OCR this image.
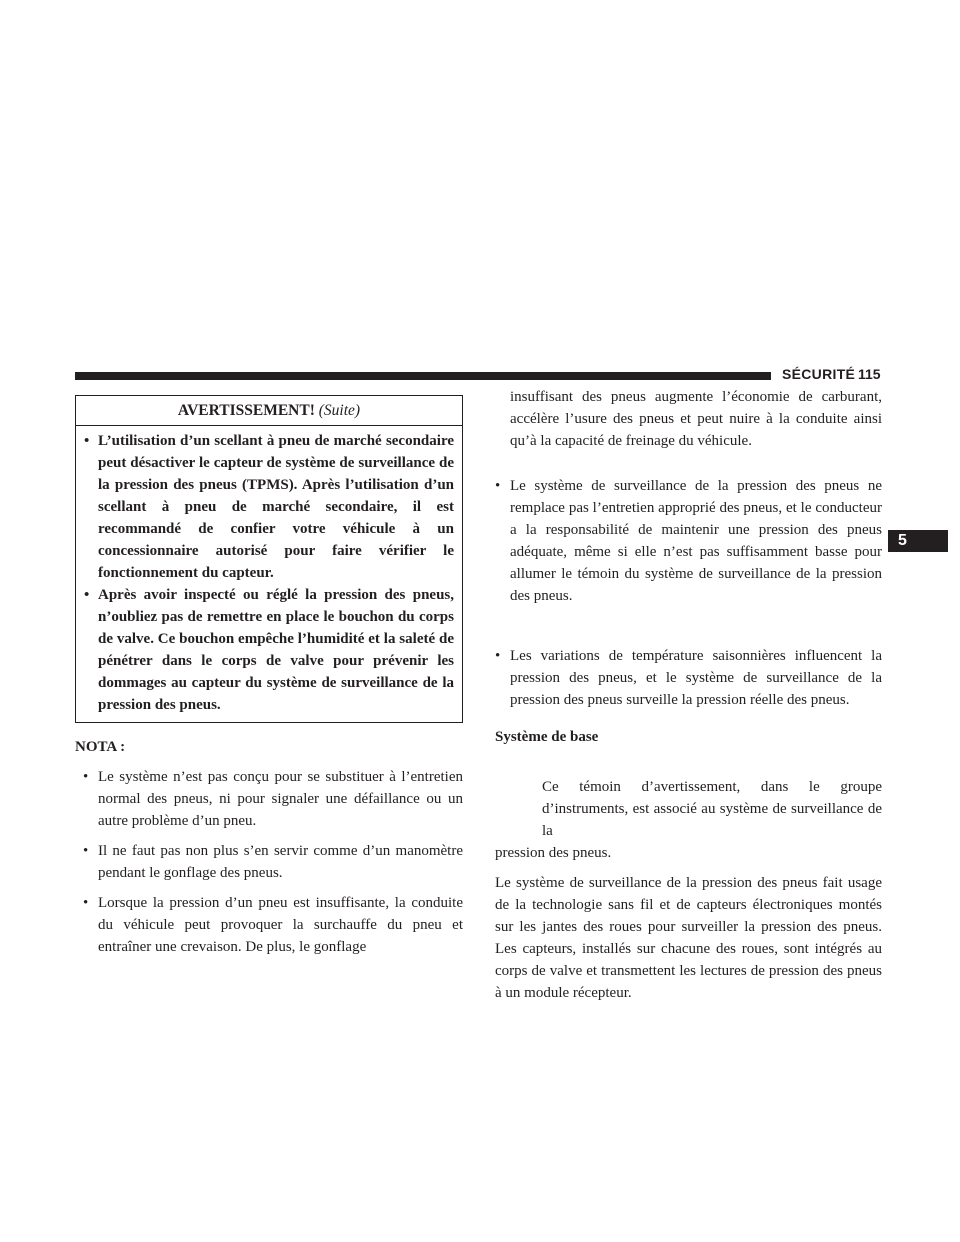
SÉCURITÉ 115
5
AVERTISSEMENT! (Suite)

• L’utilisation d’un scellant à pneu de marché secondaire peut désactiver le capteur de système de surveillance de la pression des pneus (TPMS). Après l’utilisation d’un scellant à pneu de marché secondaire, il est recommandé de confier votre véhicule à un concessionnaire autorisé pour faire vérifier le fonctionnement du capteur.

• Après avoir inspecté ou réglé la pression des pneus, n’oubliez pas de remettre en place le bouchon du corps de valve. Ce bouchon empêche l’humidité et la saleté de pénétrer dans le corps de valve pour prévenir les dommages au capteur du système de surveillance de la pression des pneus.

NOTA :

• Le système n’est pas conçu pour se substituer à l’entretien normal des pneus, ni pour signaler une défaillance ou un autre problème d’un pneu.

• Il ne faut pas non plus s’en servir comme d’un manomètre pendant le gonflage des pneus.

• Lorsque la pression d’un pneu est insuffisante, la conduite du véhicule peut provoquer la surchauffe du pneu et entraîner une crevaison. De plus, le gonflage

insuffisant des pneus augmente l’économie de carburant, accélère l’usure des pneus et peut nuire à la conduite ainsi qu’à la capacité de freinage du véhicule.

• Le système de surveillance de la pression des pneus ne remplace pas l’entretien approprié des pneus, et le conducteur a la responsabilité de maintenir une pression des pneus adéquate, même si elle n’est pas suffisamment basse pour allumer le témoin du système de surveillance de la pression des pneus.

• Les variations de température saisonnières influencent la pression des pneus, et le système de surveillance de la pression des pneus surveille la pression réelle des pneus.

Système de base

Ce témoin d’avertissement, dans le groupe d’instruments, est associé au système de surveillance de la
pression des pneus.

Le système de surveillance de la pression des pneus fait usage de la technologie sans fil et de capteurs électroniques montés sur les jantes des roues pour surveiller la pression des pneus. Les capteurs, installés sur chacune des roues, sont intégrés au corps de valve et transmettent les lectures de pression des pneus à un module récepteur.
